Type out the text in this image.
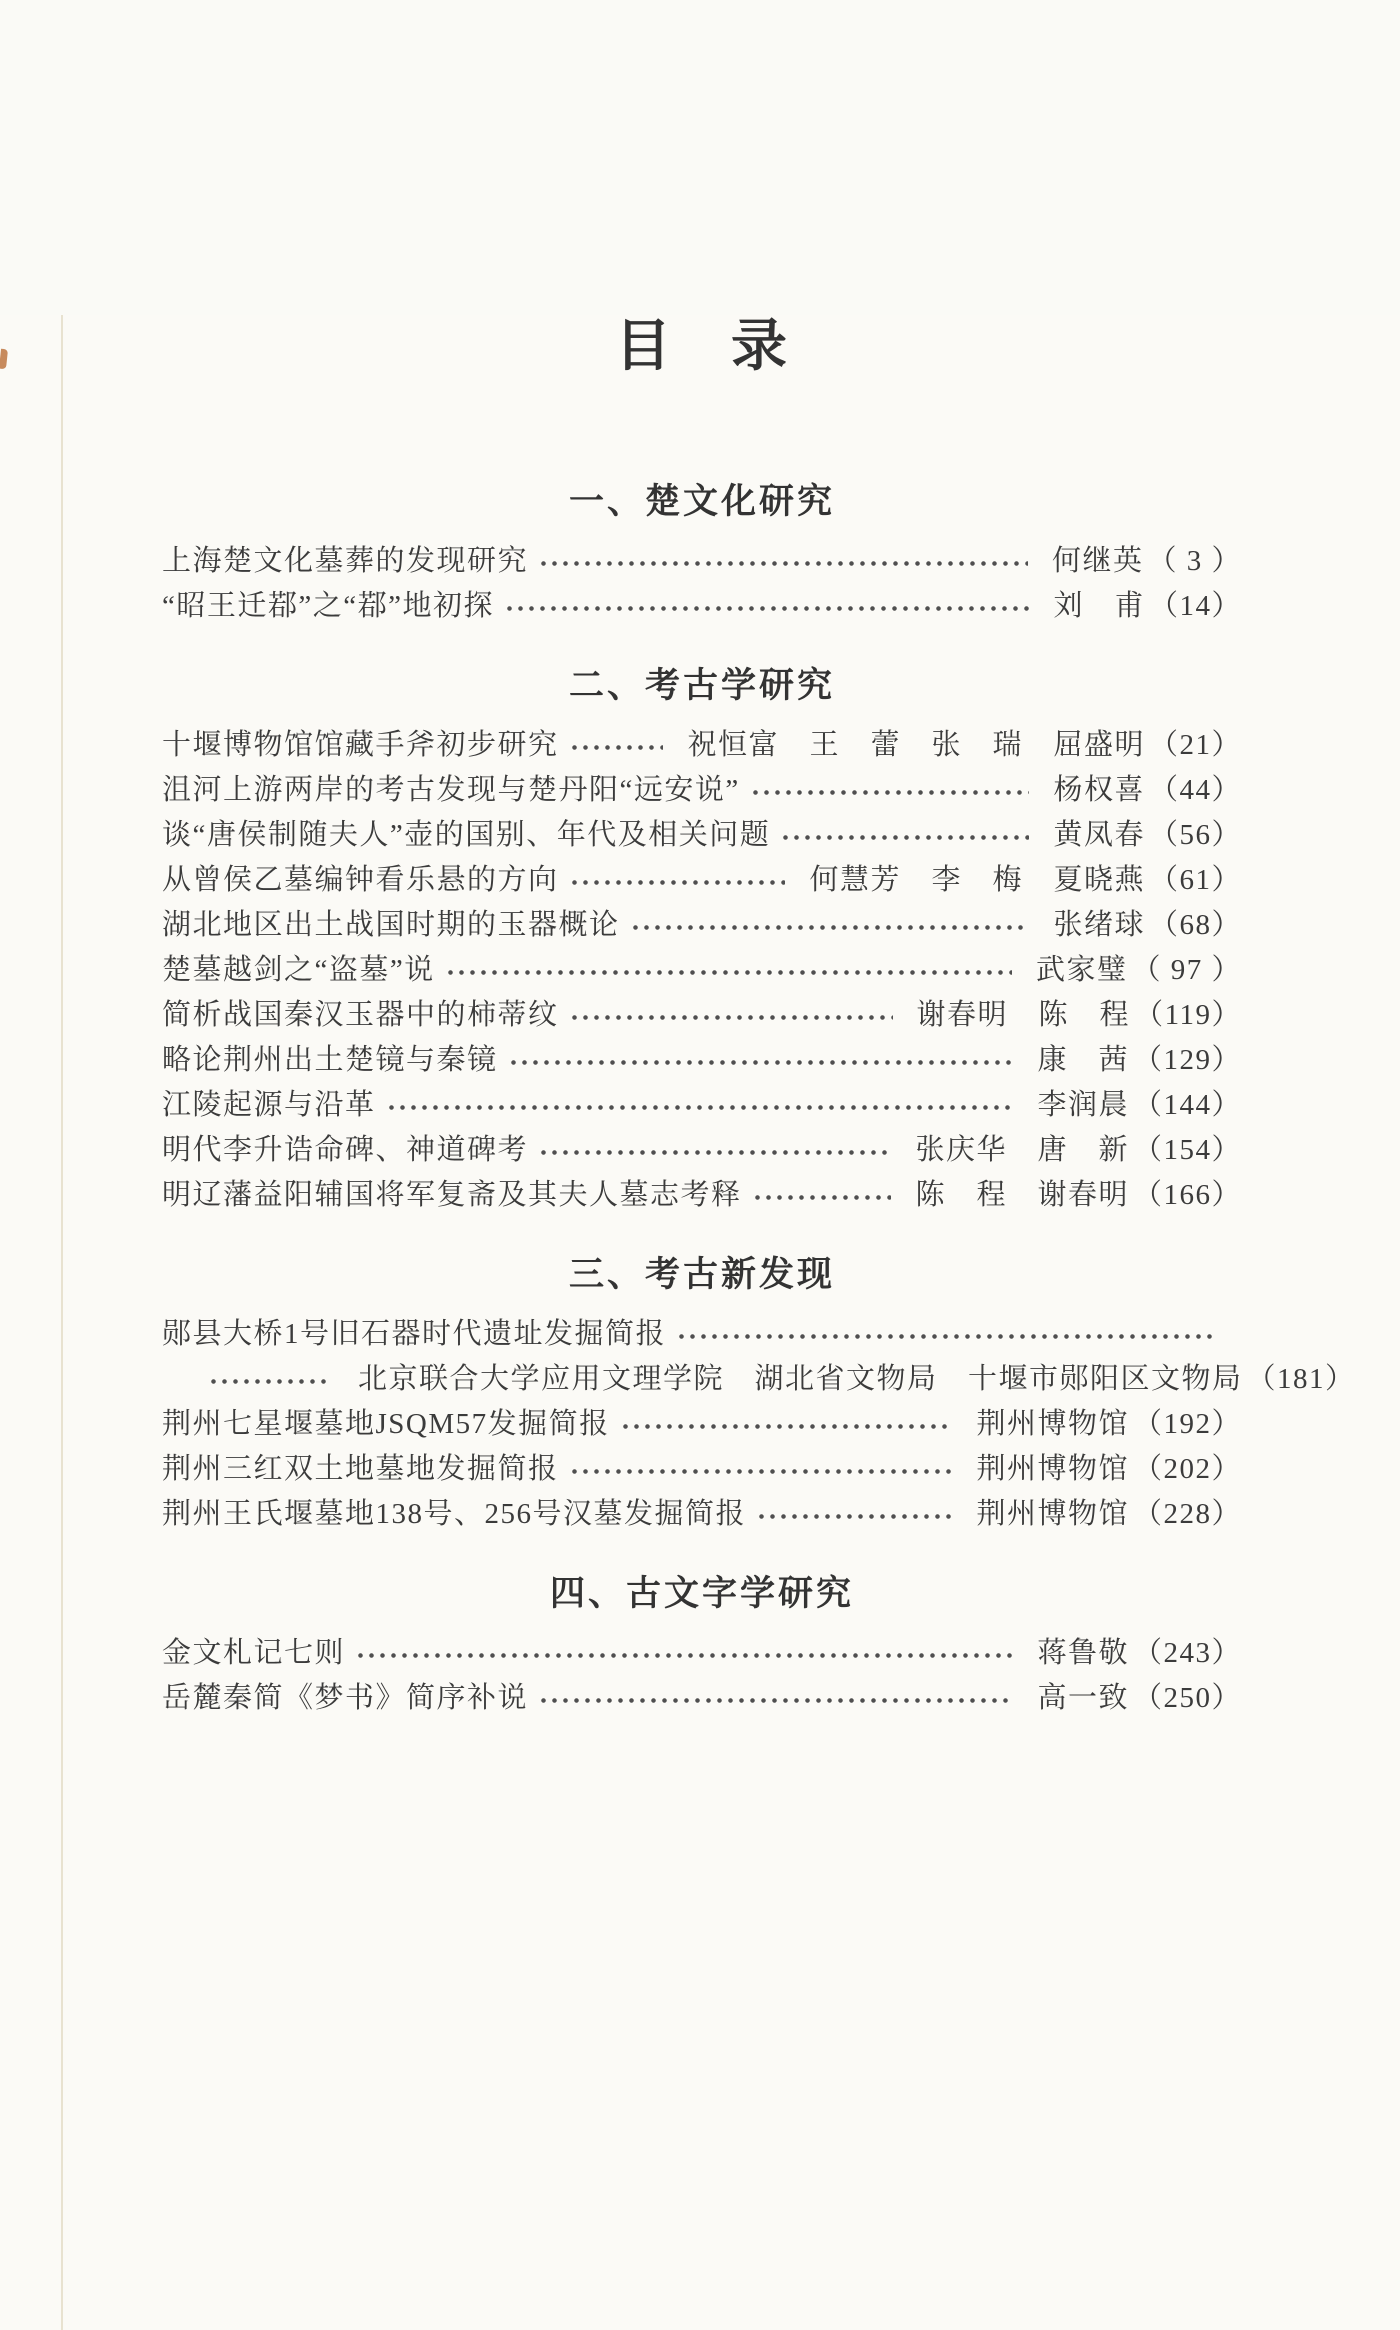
目　录
一、楚文化研究
上海楚文化墓葬的发现研究	何继英 （ 3 ）
“昭王迁鄀”之“鄀”地初探	刘　甫 （14）
二、考古学研究
十堰博物馆馆藏手斧初步研究	祝恒富　王　蕾　张　瑞　屈盛明 （21）
沮河上游两岸的考古发现与楚丹阳“远安说”	杨权喜 （44）
谈“唐侯制随夫人”壶的国别、年代及相关问题	黄凤春 （56）
从曾侯乙墓编钟看乐悬的方向	何慧芳　李　梅　夏晓燕 （61）
湖北地区出土战国时期的玉器概论	张绪球 （68）
楚墓越剑之“盗墓”说	武家璧 （ 97 ）
简析战国秦汉玉器中的柿蒂纹	谢春明　陈　程 （119）
略论荆州出土楚镜与秦镜	康　茜 （129）
江陵起源与沿革	李润晨 （144）
明代李升诰命碑、神道碑考	张庆华　唐　新 （154）
明辽藩益阳辅国将军复斋及其夫人墓志考释	陈　程　谢春明 （166）
三、考古新发现
郧县大桥1号旧石器时代遗址发掘简报
北京联合大学应用文理学院　湖北省文物局　十堰市郧阳区文物局 （181）
荆州七星堰墓地JSQM57发掘简报	荆州博物馆 （192）
荆州三红双土地墓地发掘简报	荆州博物馆 （202）
荆州王氏堰墓地138号、256号汉墓发掘简报	荆州博物馆 （228）
四、古文字学研究
金文札记七则	蒋鲁敬 （243）
岳麓秦简《梦书》简序补说	高一致 （250）
